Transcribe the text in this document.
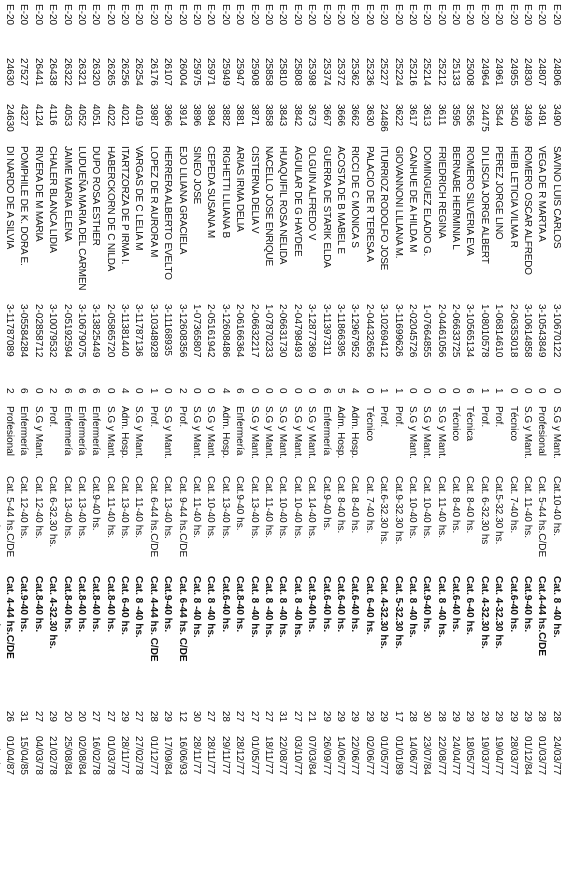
E-20	24806	3490	SAVINO LUIS CARLOS	3-10670122	0	S.G y Mant.	Cat.10-40 hs.	Cat. 8 -40 hs.	28	24/03/77
E-20	24807	3491	VEGA DE R MARTA A	3-10543849	0	Profesional	Cat. 5-44 hs.C/DE	Cat.4-44 hs.C/DE	28	01/03/77
E-20	24830	3499	ROMERO OSCAR ALFREDO	3-10614858	0	S.G y Mant.	Cat. 11-40 hs.	Cat.9-40 hs.	29	01/12/84
E-20	24955	3540	HEIB LETICIA VILMA R	2-06353018	0	Técnico	Cat. 7-40 hs.	Cat.6-40 hs.	29	28/03/77
E-20	24961	3544	PEREZ JORGE LINO	1-06814610	1	Prof.	Cat.5-32.30 hs.	Cat. 4-32.30 hs.	29	19/04/77
E-20	24964	24475	DI LISCIA JORGE ALBERT	1-08010578	1	Prof.	Cat. 6-32.30 hs	Cat. 4-32.30 hs.	29	19/03/77
E-20	25008	3556	ROMERO SILVERIA EVA	3-10565134	6	Técnica	Cat. 8-40 hs.	Cat. 6-40 hs.	29	18/05/77
E-20	25133	3595	BERNABE HERMINIA L	2-06633725	0	Técnico	Cat. 8-40 hs.	Cat.6-40 hs.	29	24/04/77
E-20	25212	3611	FRIEDRICH REGINA	2-04461056	0	S.G y Mant.	Cat. 11-40 hs.	Cat. 8 -40 hs.	28	22/08/77
E-20	25214	3613	DOMINGUEZ ELADIO G.	1-07664855	0	S.G y Mant.	Cat. 10-40 hs.	Cat.9-40 hs.	30	23/07/84
E-20	25216	3617	CANHUE DE A HILDA M	2-02045726	0	S.G y Mant.	Cat. 10-40 hs.	Cat. 8 -40 hs.	28	14/06/77
E-20	25224	3622	GIOVANNONI LILIANA M.	3-11699626	1	Prof.	Cat.9-32.30 hs.	Cat. 5-32.30 hs.	17	01/01/89
E-20	25227	24486	ITURRIOZ RODOLFO JOSE	3-10269412	1	Prof.	Cat.6-32.30 hs.	Cat. 4-32.30 hs.	29	01/05/77
E-20	25236	3630	PALACIO DE R TERESA A	2-04432656	0	Técnico	Cat. 7-40 hs.	Cat. 6-40 hs.	29	02/06/77
E-20	25362	3662	RICCI DE C MONICA S	3-12967952	4	Adm. Hosp.	Cat. 8-40 hs.	Cat.6-40 hs.	29	22/06/77
E-20	25372	3666	ACOSTA DE B MABEL E	3-11866395	5	Adm. Hosp.	Cat. 8-40 hs.	Cat.6-40 hs.	29	14/06/77
E-20	25374	3667	GUERRA DE STARIK ELDA	3-11397311	6	Enfermería	Cat.9-40 hs.	Cat.6-40 hs.	29	26/09/77
E-20	25398	3673	OLGUIN ALFREDO V	3-12877369	0	S.G y Mant.	Cat. 14-40 hs.	Cat.9-40 hs.	21	07/03/84
E-20	25808	3842	AGUILAR DE G HAYDEE	2-04798493	0	S.G y Mant.	Cat. 10-40 hs.	Cat. 8 -40 hs.	27	03/10/77
E-20	25810	3843	HUAQUIFIL ROSA NELIDA	2-06631730	0	S.G y Mant.	Cat. 10-40 hs.	Cat. 8 -40 hs.	31	22/08/77
E-20	25858	3858	NACELLO JOSE ENRIQUE	1-07870233	0	S.G y Mant.	Cat. 11-40 hs.	Cat. 8 -40 hs.	27	18/11/77
E-20	25908	3871	CISTERNA DELIA V	2-06632217	0	S.G y Mant.	Cat. 13-40 hs.	Cat. 8 -40 hs.	27	01/05/77
E-20	25947	3881	ARIAS IRMA DELIA	2-06166364	6	Enfermería	Cat.9-40 hs.	Cat.8-40 hs.	27	28/12/77
E-20	25949	3882	RIGHETTI LILIANA B	3-12608486	4	Adm. Hosp.	Cat. 13-40 hs.	Cat.6-40 hs.	28	29/11/77
E-20	25971	3894	CEPEDA SUSANA M	2-05161942	0	S.G y Mant.	Cat. 10-40 hs.	Cat. 8 -40 hs.	27	28/11/77
E-20	25975	3896	SINEO JOSE	1-07365807	0	S.G y Mant.	Cat. 11-40 hs.	Cat. 8 -40 hs.	30	28/11/77
E-20	26004	3914	EJO LILIANA GRACIELA	3-12608356	2	Prof.	Cat. 9-44 hs.C/DE	Cat. 6-44 hs. C/DE	12	16/06/93
E-20	26107	3966	HERRERA ALBERTO EVELTO	3-11168935	0	S.G y Mant.	Cat. 13-40 hs.	Cat.9-40 hs.	29	17/09/84
E-20	26176	3987	LOPEZ DE R AURORA M	3-10348928	1	Prof.	Cat. 6-44 hs.C/DE	Cat. 4-44 hs. C/DE	28	01/12/77
E-20	26254	4019	VARGAS DE C LELIA M	3-11787136	0	S.G y Mant.	Cat. 11-40 hs.	Cat. 8 -40 hs.	27	27/02/78
E-20	26256	4021	ITARTZORZA DE P IRMA I.	3-11381440	4	Adm. Hosp.	Cat. 13-40 hs.	Cat. 6-40 hs.	29	28/11/77
E-20	26265	4022	HABERCKORN DE C NILDA	2-05865720	0	S.G y Mant.	Cat. 11-40 hs.	Cat.8-40 hs.	27	01/03/78
E-20	26320	4051	DUPO ROSA ESTHER	3-13825449	6	Enfermería	Cat.9-40 hs.	Cat.8-40 hs.	27	16/02/78
E-20	26321	4052	LUDUEÑA MARIA DEL CARMEN	3-10679075	6	Enfermería	Cat. 13-40 hs.	Cat.8-40 hs.	20	02/08/84
E-20	26322	4053	JAIME MARIA ELENA	2-05192594	6	Enfermería	Cat. 13-40 hs.	Cat.8-40 hs.	20	25/08/84
E-20	26438	4116	CHALER BLANCA LIDIA	3-10079532	2	Prof.	Cat. 6-32.30 hs.	Cat. 4-32.30 hs.	29	21/02/78
E-20	26441	4124	RIVERA DE M MARIA	2-02858712	0	S.G y Mant.	Cat. 12-40 hs.	Cat.8-40 hs.	27	04/03/78
E-20	27527	4327	POMPHILE DE K. DORA E.	3-05584284	6	Enfermería	Cat. 12-40 hs.	Cat.9-40 hs.	31	15/04/85
E-20	24630	24630	DI NARDO DE A SILVIA	3-11787089	2	Profesional	Cat. 5-44 hs.C/DE	Cat. 4-44 hs.C/DE	26	01/04/87
